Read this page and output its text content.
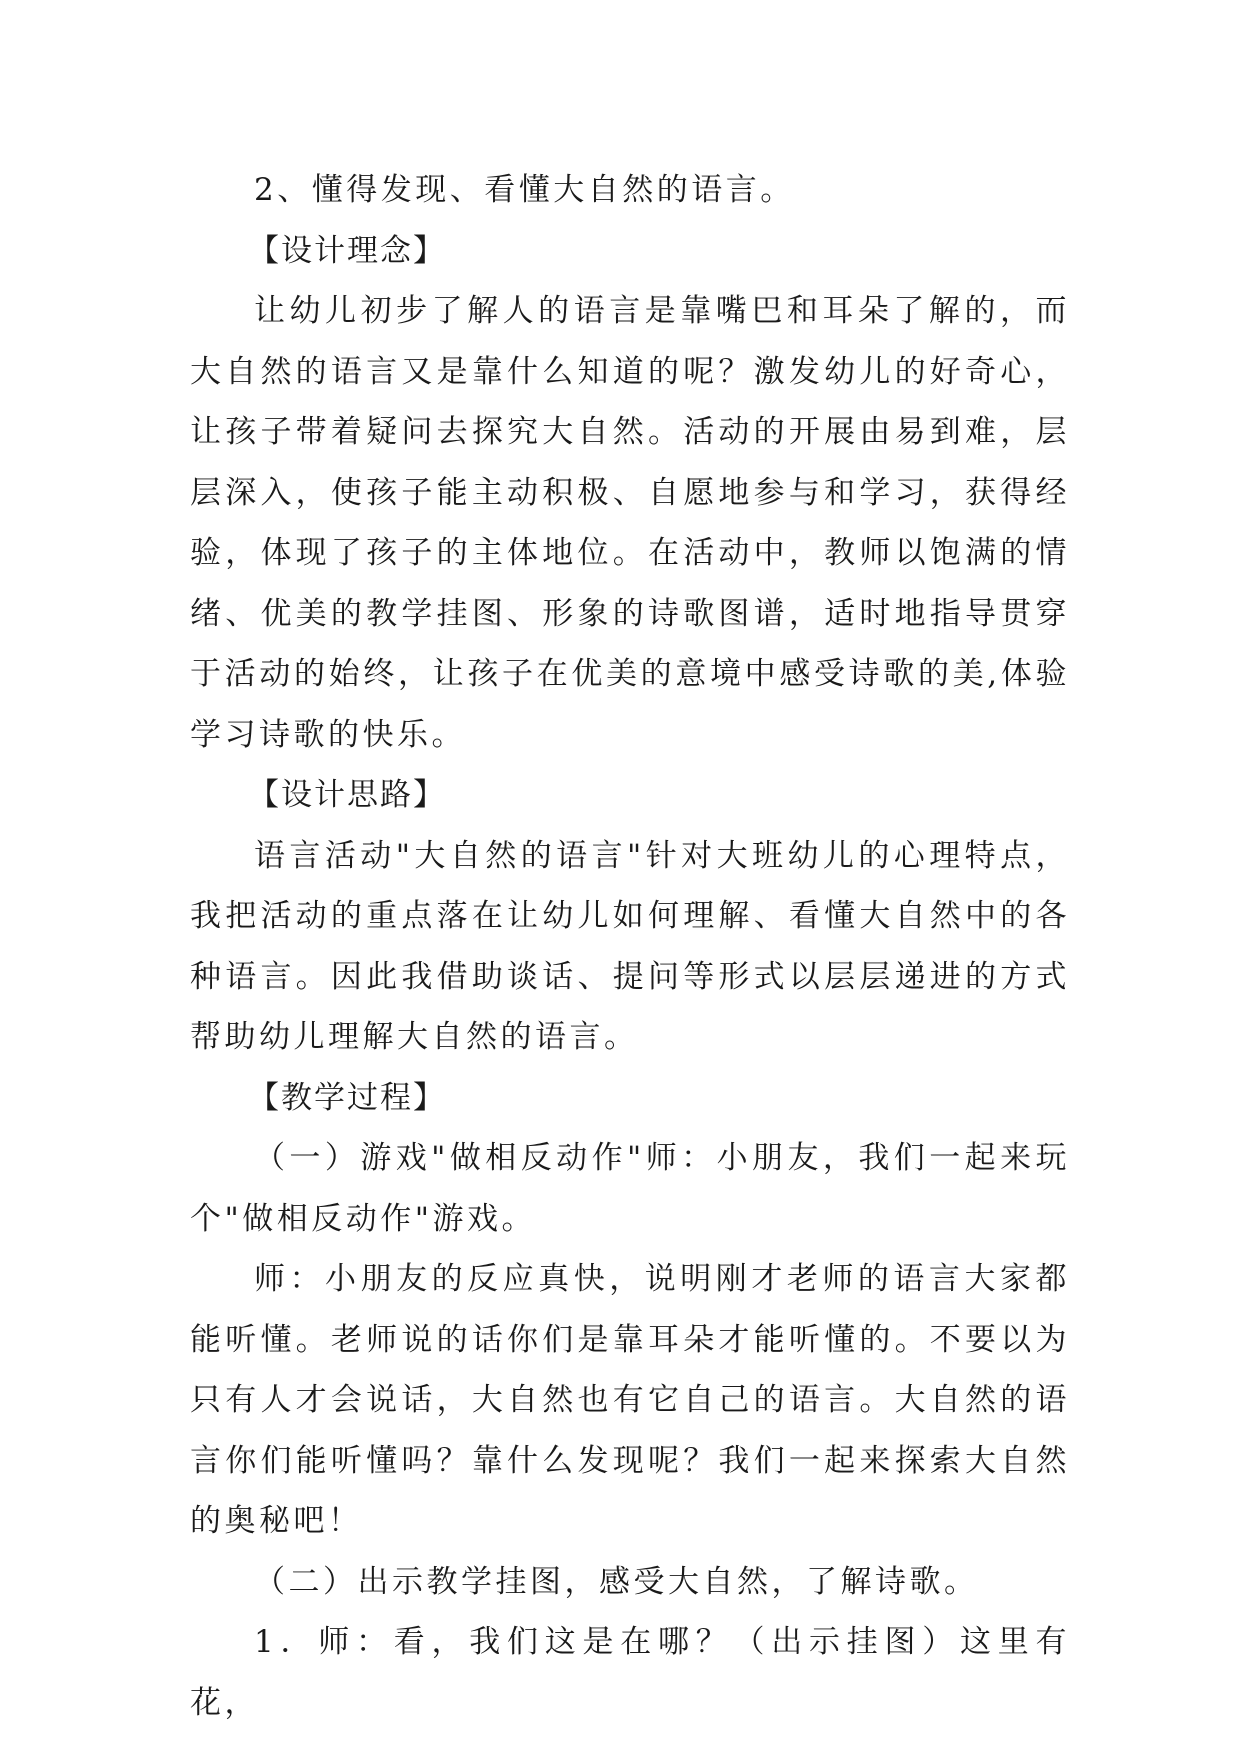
2、懂得发现、看懂大自然的语言。

【设计理念】

让幼儿初步了解人的语言是靠嘴巴和耳朵了解的，而大自然的语言又是靠什么知道的呢？激发幼儿的好奇心，让孩子带着疑问去探究大自然。活动的开展由易到难，层层深入，使孩子能主动积极、自愿地参与和学习，获得经验，体现了孩子的主体地位。在活动中，教师以饱满的情绪、优美的教学挂图、形象的诗歌图谱，适时地指导贯穿于活动的始终，让孩子在优美的意境中感受诗歌的美,体验学习诗歌的快乐。

【设计思路】

语言活动"大自然的语言"针对大班幼儿的心理特点，我把活动的重点落在让幼儿如何理解、看懂大自然中的各种语言。因此我借助谈话、提问等形式以层层递进的方式帮助幼儿理解大自然的语言。

【教学过程】

（一）游戏"做相反动作"师：小朋友，我们一起来玩个"做相反动作"游戏。

师：小朋友的反应真快，说明刚才老师的语言大家都能听懂。老师说的话你们是靠耳朵才能听懂的。不要以为只有人才会说话，大自然也有它自己的语言。大自然的语言你们能听懂吗？靠什么发现呢？我们一起来探索大自然的奥秘吧！

（二）出示教学挂图，感受大自然，了解诗歌。

1．师：看，我们这是在哪？（出示挂图）这里有花，
